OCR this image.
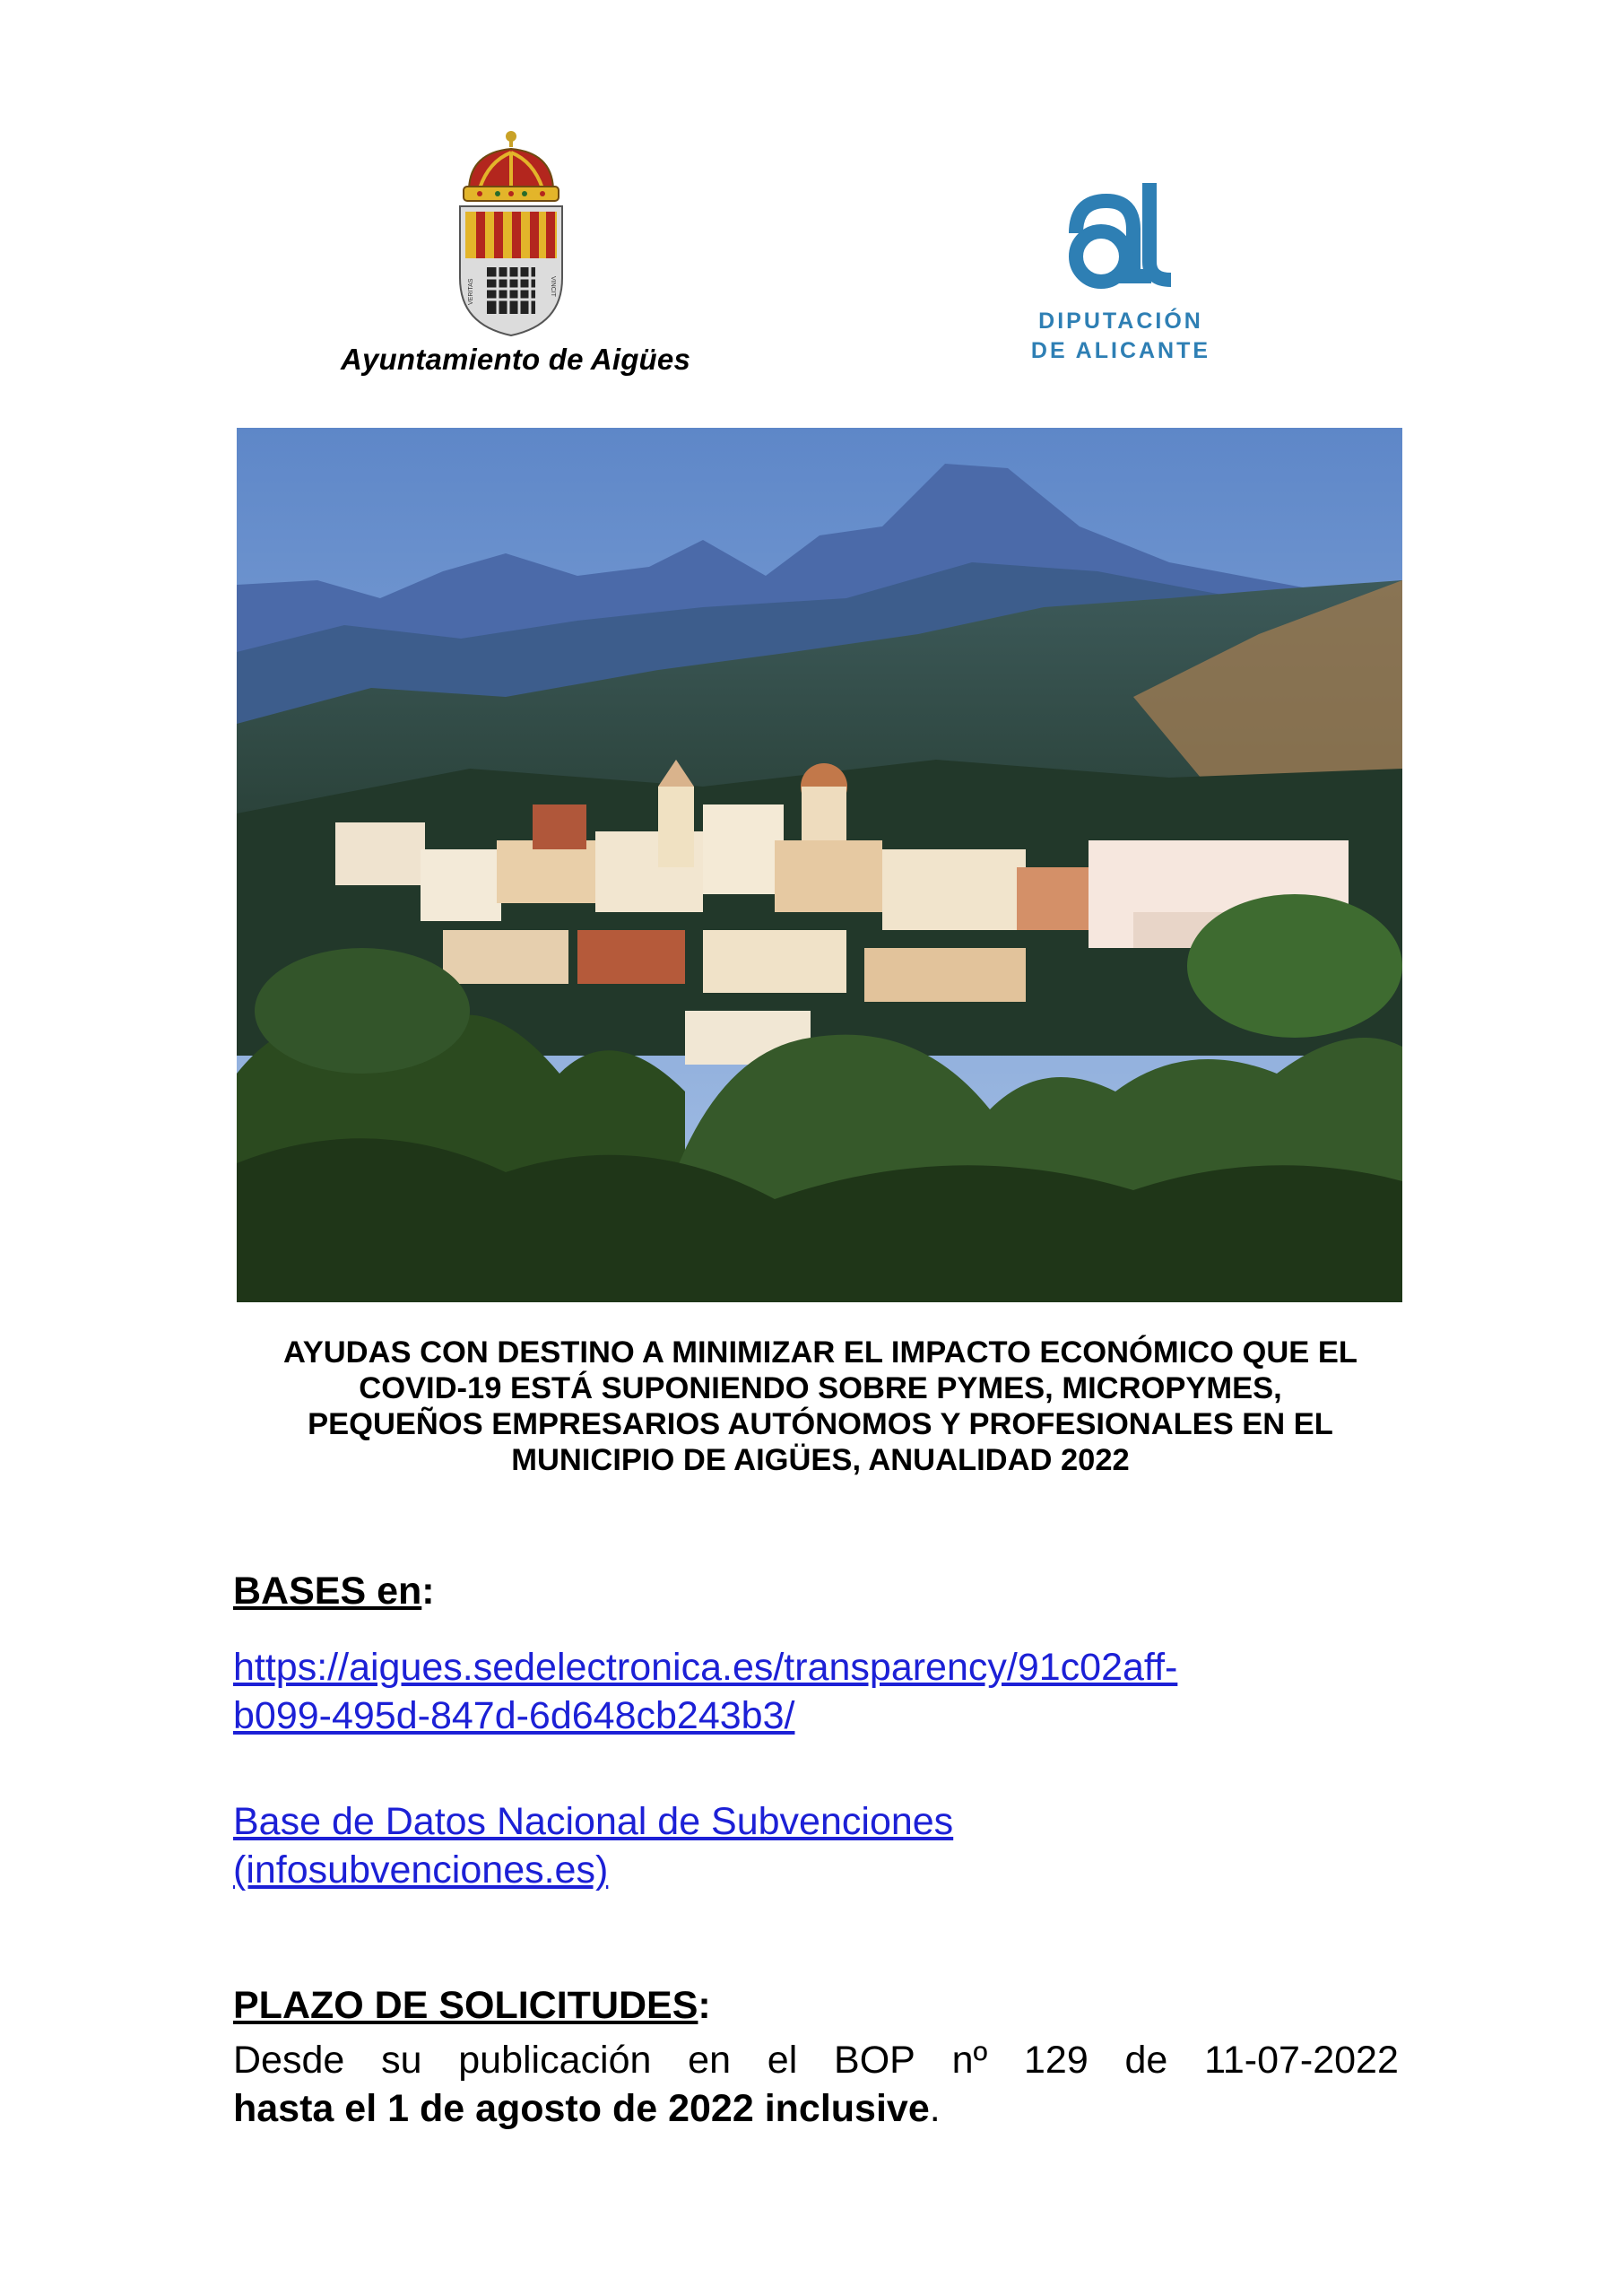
VERITAS	VINCIT
Ayuntamiento de Aigües
DIPUTACIÓN
DE ALICANTE
AYUDAS CON DESTINO A MINIMIZAR EL IMPACTO ECONÓMICO QUE EL
COVID-19 ESTÁ SUPONIENDO SOBRE PYMES, MICROPYMES,
PEQUEÑOS EMPRESARIOS AUTÓNOMOS Y PROFESIONALES EN EL
MUNICIPIO DE AIGÜES, ANUALIDAD 2022
BASES en:
https://aigues.sedelectronica.es/transparency/91c02aff-
b099-495d-847d-6d648cb243b3/
Base de Datos Nacional de Subvenciones
(infosubvenciones.es)
PLAZO DE SOLICITUDES:
Desde su publicación en el BOP nº 129 de 11-07-2022
hasta el 1 de agosto de 2022 inclusive.
